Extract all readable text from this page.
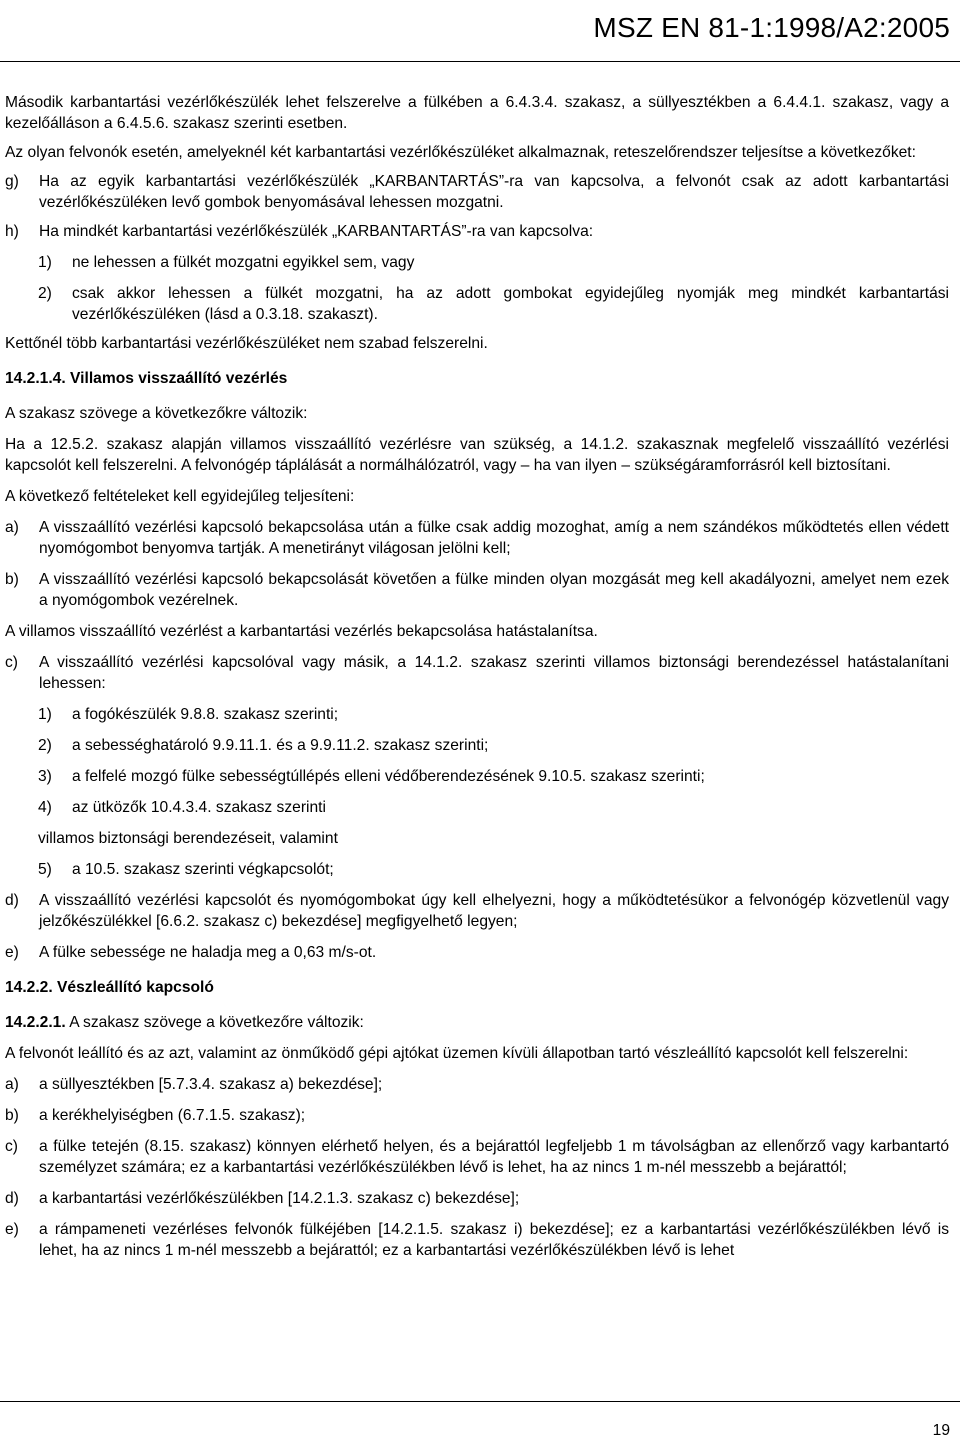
MSZ EN 81-1:1998/A2:2005

Második karbantartási vezérlőkészülék lehet felszerelve a fülkében a 6.4.3.4. szakasz, a süllyesztékben a 6.4.4.1. szakasz, vagy a kezelőálláson a 6.4.5.6. szakasz szerinti esetben.

Az olyan felvonók esetén, amelyeknél két karbantartási vezérlőkészüléket alkalmaznak, reteszelőrendszer teljesítse a következőket:

g) Ha az egyik karbantartási vezérlőkészülék „KARBANTARTÁS”-ra van kapcsolva, a felvonót csak az adott karbantartási vezérlőkészüléken levő gombok benyomásával lehessen mozgatni.
h) Ha mindkét karbantartási vezérlőkészülék „KARBANTARTÁS”-ra van kapcsolva:
1) ne lehessen a fülkét mozgatni egyikkel sem, vagy
2) csak akkor lehessen a fülkét mozgatni, ha az adott gombokat egyidejűleg nyomják meg mindkét karbantartási vezérlőkészüléken (lásd a 0.3.18. szakaszt).

Kettőnél több karbantartási vezérlőkészüléket nem szabad felszerelni.

14.2.1.4. Villamos visszaállító vezérlés

A szakasz szövege a következőkre változik:

Ha a 12.5.2. szakasz alapján villamos visszaállító vezérlésre van szükség, a 14.1.2. szakasznak megfelelő visszaállító vezérlési kapcsolót kell felszerelni. A felvonógép táplálását a normálhálózatról, vagy – ha van ilyen – szükségáramforrásról kell biztosítani.

A következő feltételeket kell egyidejűleg teljesíteni:

a) A visszaállító vezérlési kapcsoló bekapcsolása után a fülke csak addig mozoghat, amíg a nem szándékos működtetés ellen védett nyomógombot benyomva tartják. A menetirányt világosan jelölni kell;
b) A visszaállító vezérlési kapcsoló bekapcsolását követően a fülke minden olyan mozgását meg kell akadályozni, amelyet nem ezek a nyomógombok vezérelnek.

A villamos visszaállító vezérlést a karbantartási vezérlés bekapcsolása hatástalanítsa.

c) A visszaállító vezérlési kapcsolóval vagy másik, a 14.1.2. szakasz szerinti villamos biztonsági berendezéssel hatástalanítani lehessen:
1) a fogókészülék 9.8.8. szakasz szerinti;
2) a sebességhatároló 9.9.11.1. és a 9.9.11.2. szakasz szerinti;
3) a felfelé mozgó fülke sebességtúllépés elleni védőberendezésének 9.10.5. szakasz szerinti;
4) az ütközők 10.4.3.4. szakasz szerinti

villamos biztonsági berendezéseit, valamint

5) a 10.5. szakasz szerinti végkapcsolót;
d) A visszaállító vezérlési kapcsolót és nyomógombokat úgy kell elhelyezni, hogy a működtetésükor a felvonógép közvetlenül vagy jelzőkészülékkel [6.6.2. szakasz c) bekezdése] megfigyelhető legyen;
e) A fülke sebessége ne haladja meg a 0,63 m/s-ot.

14.2.2. Vészleállító kapcsoló

14.2.2.1. A szakasz szövege a következőre változik:

A felvonót leállító és az azt, valamint az önműködő gépi ajtókat üzemen kívüli állapotban tartó vészleállító kapcsolót kell felszerelni:

a) a süllyesztékben [5.7.3.4. szakasz a) bekezdése];
b) a kerékhelyiségben (6.7.1.5. szakasz);
c) a fülke tetején (8.15. szakasz) könnyen elérhető helyen, és a bejárattól legfeljebb 1 m távolságban az ellenőrző vagy karbantartó személyzet számára; ez a karbantartási vezérlőkészülékben lévő is lehet, ha az nincs 1 m-nél messzebb a bejárattól;
d) a karbantartási vezérlőkészülékben [14.2.1.3. szakasz c) bekezdése];
e) a rámpameneti vezérléses felvonók fülkéjében [14.2.1.5. szakasz i) bekezdése]; ez a karbantartási vezérlőkészülékben lévő is lehet, ha az nincs 1 m-nél messzebb a bejárattól; ez a karbantartási vezérlőkészülékben lévő is lehet
19
